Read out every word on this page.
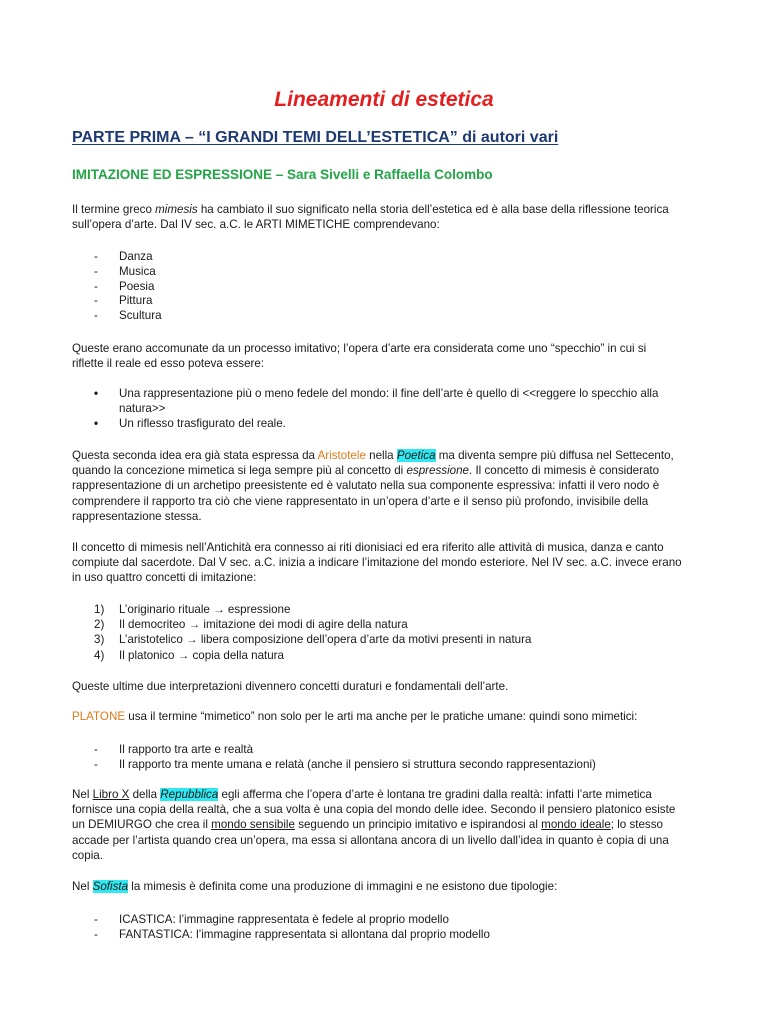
Lineamenti di estetica
PARTE PRIMA – “I GRANDI TEMI DELL’ESTETICA” di autori vari
IMITAZIONE ED ESPRESSIONE – Sara Sivelli e Raffaella Colombo
Il termine greco mimesis ha cambiato il suo significato nella storia dell’estetica ed è alla base della riflessione teorica
sull’opera d’arte. Dal IV sec. a.C. le ARTI MIMETICHE comprendevano:
-	Danza
-	Musica
-	Poesia
-	Pittura
-	Scultura
Queste erano accomunate da un processo imitativo; l’opera d’arte era considerata come uno “specchio” in cui si
riflette il reale ed esso poteva essere:
•	Una rappresentazione più o meno fedele del mondo: il fine dell’arte è quello di <<reggere lo specchio alla
natura>>
•	Un riflesso trasfigurato del reale.
Questa seconda idea era già stata espressa da Aristotele nella Poetica ma diventa sempre più diffusa nel Settecento,
quando la concezione mimetica si lega sempre più al concetto di espressione. Il concetto di mimesis è considerato
rappresentazione di un archetipo preesistente ed è valutato nella sua componente espressiva: infatti il vero nodo è
comprendere il rapporto tra ciò che viene rappresentato in un’opera d’arte e il senso più profondo, invisibile della
rappresentazione stessa.
Il concetto di mimesis nell’Antichità era connesso ai riti dionisiaci ed era riferito alle attività di musica, danza e canto
compiute dal sacerdote. Dal V sec. a.C. inizia a indicare l’imitazione del mondo esteriore. Nel IV sec. a.C. invece erano
in uso quattro concetti di imitazione:
1)	L’originario rituale → espressione
2)	Il democriteo → imitazione dei modi di agire della natura
3)	L’aristotelico → libera composizione dell’opera d’arte da motivi presenti in natura
4)	Il platonico → copia della natura
Queste ultime due interpretazioni divennero concetti duraturi e fondamentali dell’arte.
PLATONE usa il termine “mimetico” non solo per le arti ma anche per le pratiche umane: quindi sono mimetici:
-	Il rapporto tra arte e realtà
-	Il rapporto tra mente umana e relatà (anche il pensiero si struttura secondo rappresentazioni)
Nel Libro X della Repubblica egli afferma che l’opera d’arte è lontana tre gradini dalla realtà: infatti l’arte mimetica
fornisce una copia della realtà, che a sua volta è una copia del mondo delle idee. Secondo il pensiero platonico esiste
un DEMIURGO che crea il mondo sensibile seguendo un principio imitativo e ispirandosi al mondo ideale; lo stesso
accade per l’artista quando crea un’opera, ma essa si allontana ancora di un livello dall’idea in quanto è copia di una
copia.
Nel Sofista la mimesis è definita come una produzione di immagini e ne esistono due tipologie:
-	ICASTICA: l’immagine rappresentata è fedele al proprio modello
-	FANTASTICA: l’immagine rappresentata si allontana dal proprio modello
